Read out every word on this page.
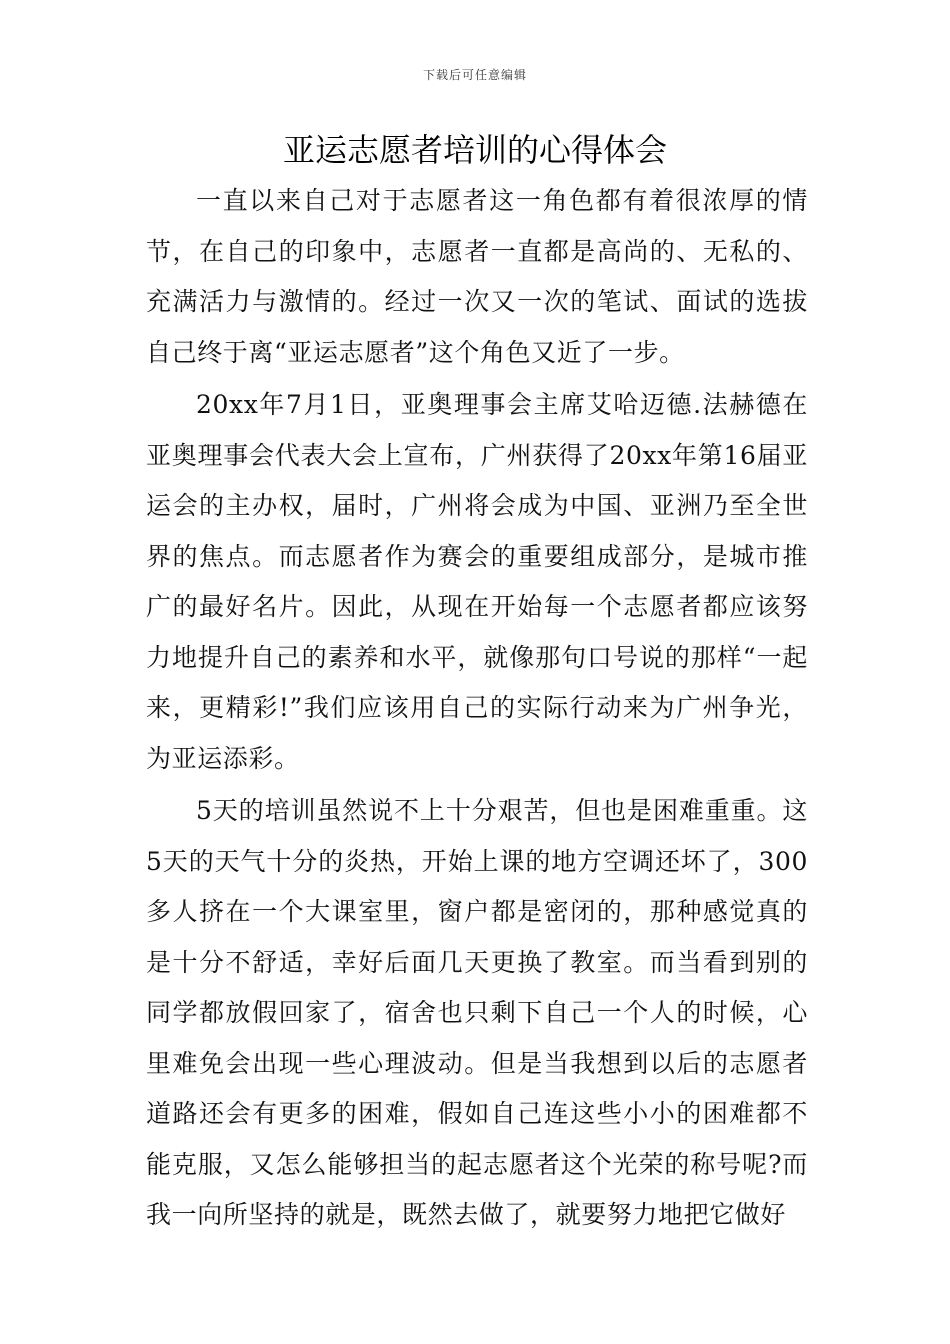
下载后可任意编辑
亚运志愿者培训的心得体会

一直以来自己对于志愿者这一角色都有着很浓厚的情节，在自己的印象中，志愿者一直都是高尚的、无私的、充满活力与激情的。经过一次又一次的笔试、面试的选拔自己终于离“亚运志愿者”这个角色又近了一步。

20xx年7月1日，亚奥理事会主席艾哈迈德.法赫德在亚奥理事会代表大会上宣布，广州获得了20xx年第16届亚运会的主办权，届时，广州将会成为中国、亚洲乃至全世界的焦点。而志愿者作为赛会的重要组成部分，是城市推广的最好名片。因此，从现在开始每一个志愿者都应该努力地提升自己的素养和水平，就像那句口号说的那样“一起来，更精彩!”我们应该用自己的实际行动来为广州争光，为亚运添彩。

5天的培训虽然说不上十分艰苦，但也是困难重重。这5天的天气十分的炎热，开始上课的地方空调还坏了，300多人挤在一个大课室里，窗户都是密闭的，那种感觉真的是十分不舒适，幸好后面几天更换了教室。而当看到别的同学都放假回家了，宿舍也只剩下自己一个人的时候，心里难免会出现一些心理波动。但是当我想到以后的志愿者道路还会有更多的困难，假如自己连这些小小的困难都不能克服，又怎么能够担当的起志愿者这个光荣的称号呢?而我一向所坚持的就是，既然去做了，就要努力地把它做好
